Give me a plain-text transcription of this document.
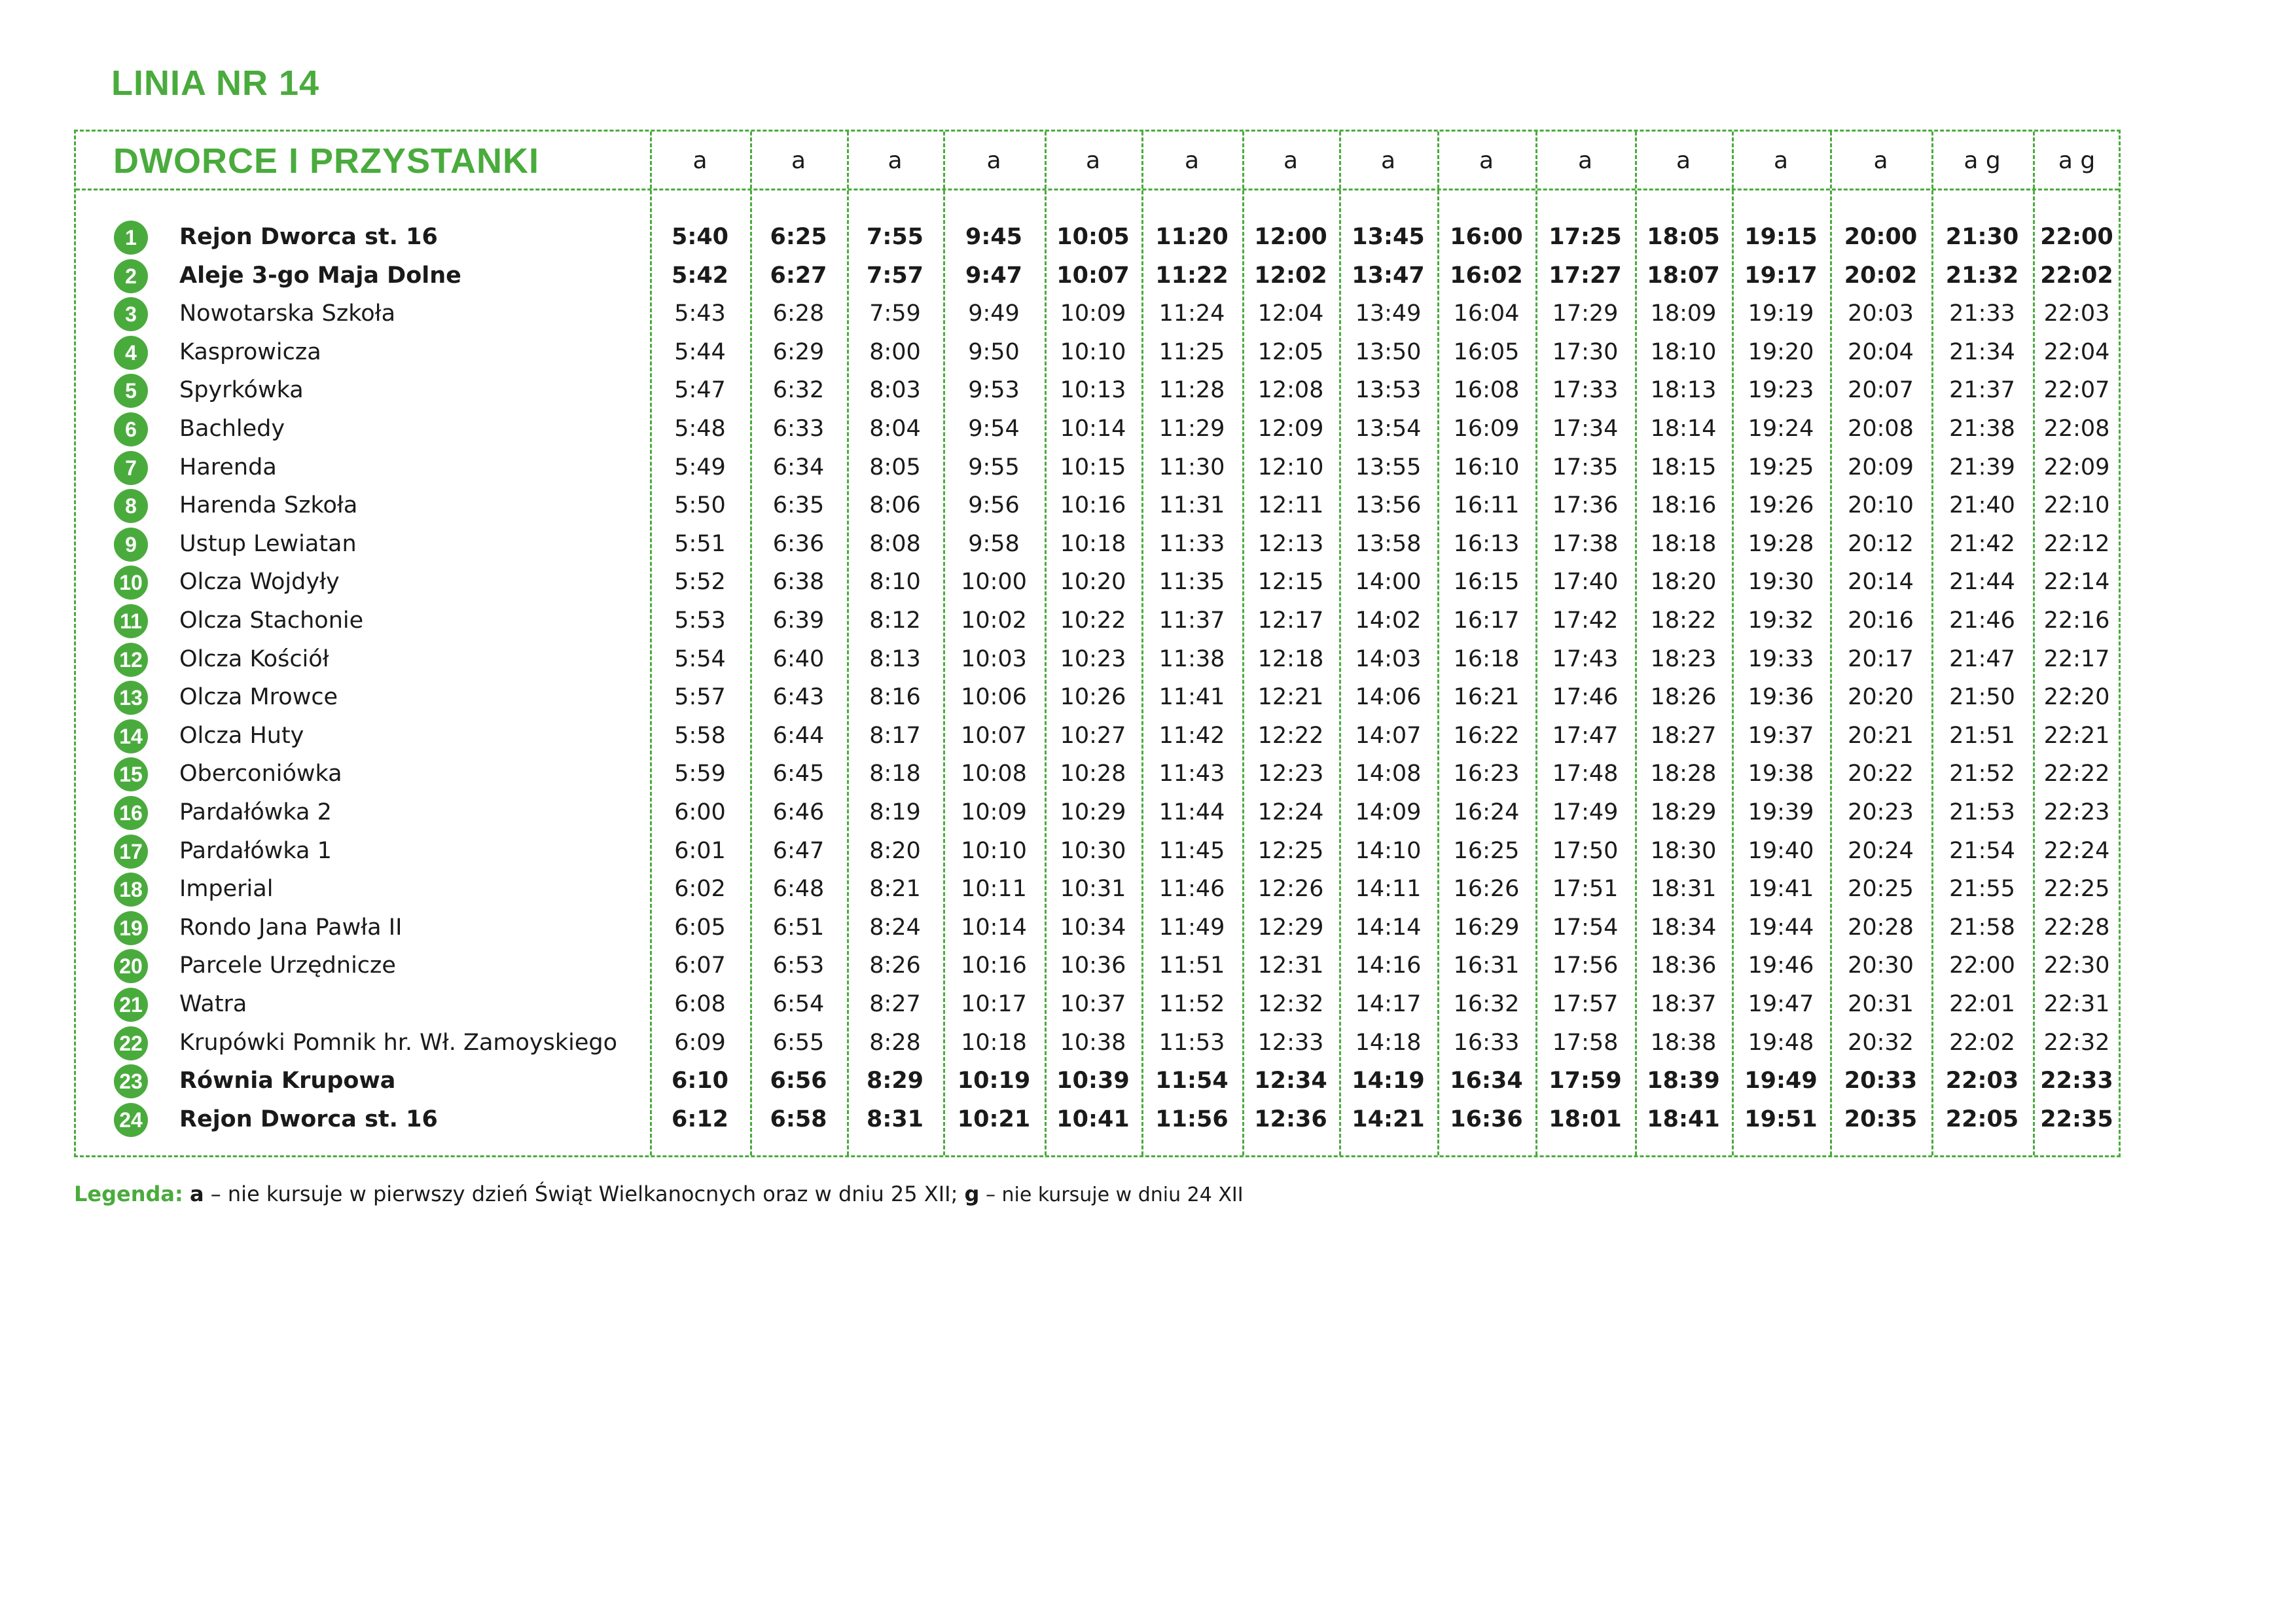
LINIA NR 14
DWORCE I PRZYSTANKI	a	a	a	a	a	a	a	a	a	a	a	a	a	a g	a g
1	Rejon Dworca st. 16	5:40	6:25	7:55	9:45	10:05	11:20	12:00	13:45	16:00	17:25	18:05	19:15	20:00	21:30 22:00
2	Aleje 3-go Maja Dolne	5:42	6:27	7:57	9:47	10:07	11:22	12:02	13:47	16:02	17:27	18:07	19:17	20:02	21:32 22:02
3	Nowotarska Szkoła	5:43	6:28	7:59	9:49	10:09	11:24	12:04	13:49	16:04	17:29	18:09	19:19	20:03	21:33	22:03
4	Kasprowicza	5:44	6:29	8:00	9:50	10:10	11:25	12:05	13:50	16:05	17:30	18:10	19:20	20:04	21:34	22:04
5	Spyrkówka	5:47	6:32	8:03	9:53	10:13	11:28	12:08	13:53	16:08	17:33	18:13	19:23	20:07	21:37	22:07
6	Bachledy	5:48	6:33	8:04	9:54	10:14	11:29	12:09	13:54	16:09	17:34	18:14	19:24	20:08	21:38	22:08
7	Harenda	5:49	6:34	8:05	9:55	10:15	11:30	12:10	13:55	16:10	17:35	18:15	19:25	20:09	21:39	22:09
8	Harenda Szkoła	5:50	6:35	8:06	9:56	10:16	11:31	12:11	13:56	16:11	17:36	18:16	19:26	20:10	21:40	22:10
9	Ustup Lewiatan	5:51	6:36	8:08	9:58	10:18	11:33	12:13	13:58	16:13	17:38	18:18	19:28	20:12	21:42	22:12
10 Olcza Wojdyły	5:52	6:38	8:10	10:00	10:20	11:35	12:15	14:00	16:15	17:40	18:20	19:30	20:14	21:44	22:14
11 Olcza Stachonie	5:53	6:39	8:12	10:02	10:22	11:37	12:17	14:02	16:17	17:42	18:22	19:32	20:16	21:46	22:16
12 Olcza Kościół	5:54	6:40	8:13	10:03	10:23	11:38	12:18	14:03	16:18	17:43	18:23	19:33	20:17	21:47	22:17
13 Olcza Mrowce	5:57	6:43	8:16	10:06	10:26	11:41	12:21	14:06	16:21	17:46	18:26	19:36	20:20	21:50	22:20
14 Olcza Huty	5:58	6:44	8:17	10:07	10:27	11:42	12:22	14:07	16:22	17:47	18:27	19:37	20:21	21:51	22:21
15 Oberconiówka	5:59	6:45	8:18	10:08	10:28	11:43	12:23	14:08	16:23	17:48	18:28	19:38	20:22	21:52	22:22
16 Pardałówka 2	6:00	6:46	8:19	10:09	10:29	11:44	12:24	14:09	16:24	17:49	18:29	19:39	20:23	21:53	22:23
17 Pardałówka 1	6:01	6:47	8:20	10:10	10:30	11:45	12:25	14:10	16:25	17:50	18:30	19:40	20:24	21:54	22:24
18 Imperial	6:02	6:48	8:21	10:11	10:31	11:46	12:26	14:11	16:26	17:51	18:31	19:41	20:25	21:55	22:25
19 Rondo Jana Pawła II	6:05	6:51	8:24	10:14	10:34	11:49	12:29	14:14	16:29	17:54	18:34	19:44	20:28	21:58	22:28
20 Parcele Urzędnicze	6:07	6:53	8:26	10:16	10:36	11:51	12:31	14:16	16:31	17:56	18:36	19:46	20:30	22:00	22:30
21 Watra	6:08	6:54	8:27	10:17	10:37	11:52	12:32	14:17	16:32	17:57	18:37	19:47	20:31	22:01	22:31
22 Krupówki Pomnik hr. Wł. Zamoyskiego	6:09	6:55	8:28	10:18	10:38	11:53	12:33	14:18	16:33	17:58	18:38	19:48	20:32	22:02	22:32
23 Równia Krupowa	6:10	6:56	8:29	10:19	10:39	11:54	12:34	14:19	16:34	17:59	18:39	19:49	20:33	22:03 22:33
24 Rejon Dworca st. 16	6:12	6:58	8:31	10:21	10:41	11:56	12:36	14:21	16:36	18:01	18:41	19:51	20:35	22:05 22:35
Legenda: a – nie kursuje w pierwszy dzień Świąt Wielkanocnych oraz w dniu 25 XII; g – nie kursuje w dniu 24 XII
